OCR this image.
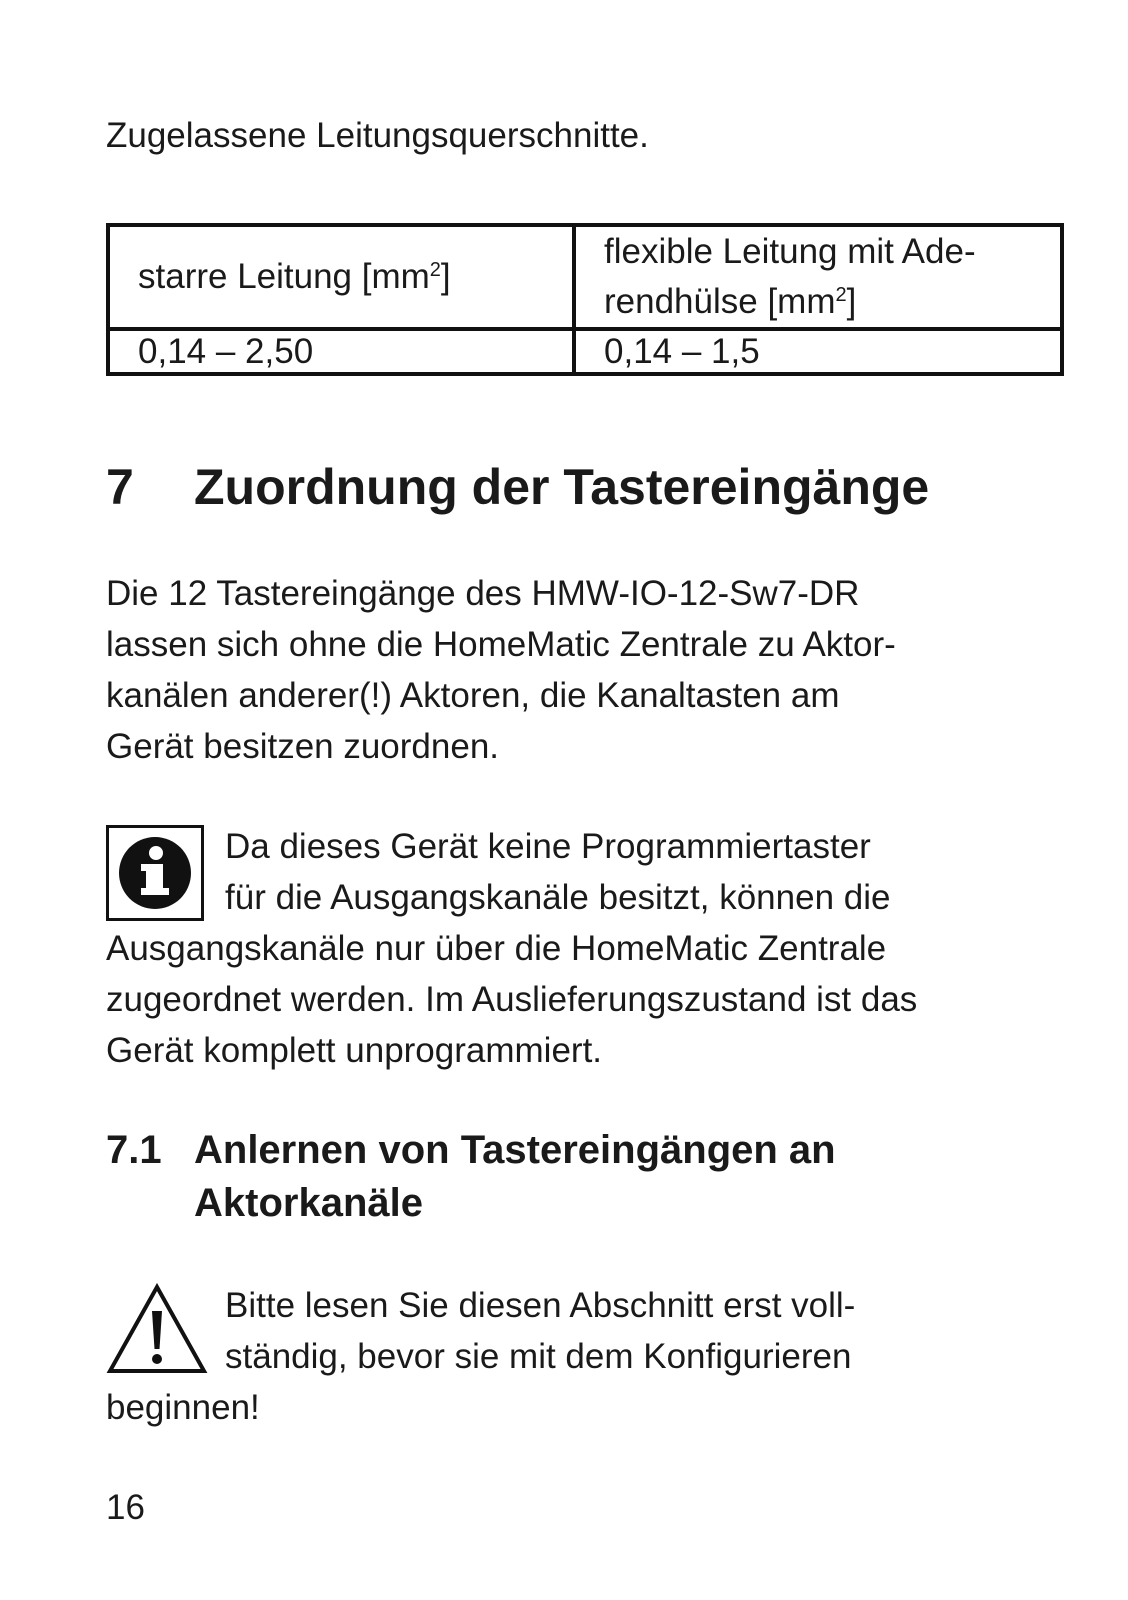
Zugelassene Leitungsquerschnitte.
starre Leitung $[mm^2]$	flexible Leitung mit Ade-
rendhülse $[mm^2]$

0,14 – 2,50	0,14 – 1,5
7 Zuordnung der Tastereingänge
Die 12 Tastereingänge des HMW-IO-12-Sw7-DR
lassen sich ohne die HomeMatic Zentrale zu Aktor-
kanälen anderer(!) Aktoren, die Kanaltasten am
Gerät besitzen zuordnen.
Da dieses Gerät keine Programmiertaster
für die Ausgangskanäle besitzt, können die
Ausgangskanäle nur über die HomeMatic Zentrale
zugeordnet werden. Im Auslieferungszustand ist das
Gerät komplett unprogrammiert.
7.1 Anlernen von Tastereingängen an
Aktorkanäle
Bitte lesen Sie diesen Abschnitt erst voll-
ständig, bevor sie mit dem Konfigurieren
beginnen!
16
